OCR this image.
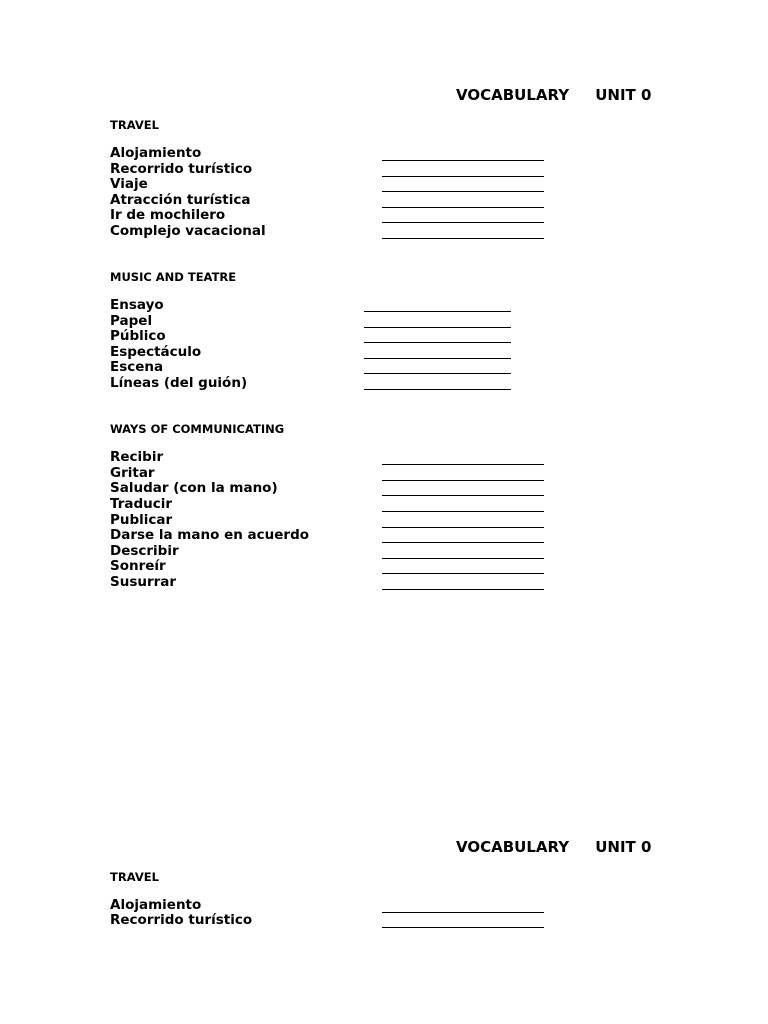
VOCABULARY UNIT 0
TRAVEL
Alojamiento
Recorrido turístico
Viaje
Atracción turística
Ir de mochilero
Complejo vacacional
MUSIC AND TEATRE
Ensayo
Papel
Público
Espectáculo
Escena
Líneas (del guión)
WAYS OF COMMUNICATING
Recibir
Gritar
Saludar (con la mano)
Traducir
Publicar
Darse la mano en acuerdo
Describir
Sonreír
Susurrar
VOCABULARY UNIT 0
TRAVEL
Alojamiento
Recorrido turístico
